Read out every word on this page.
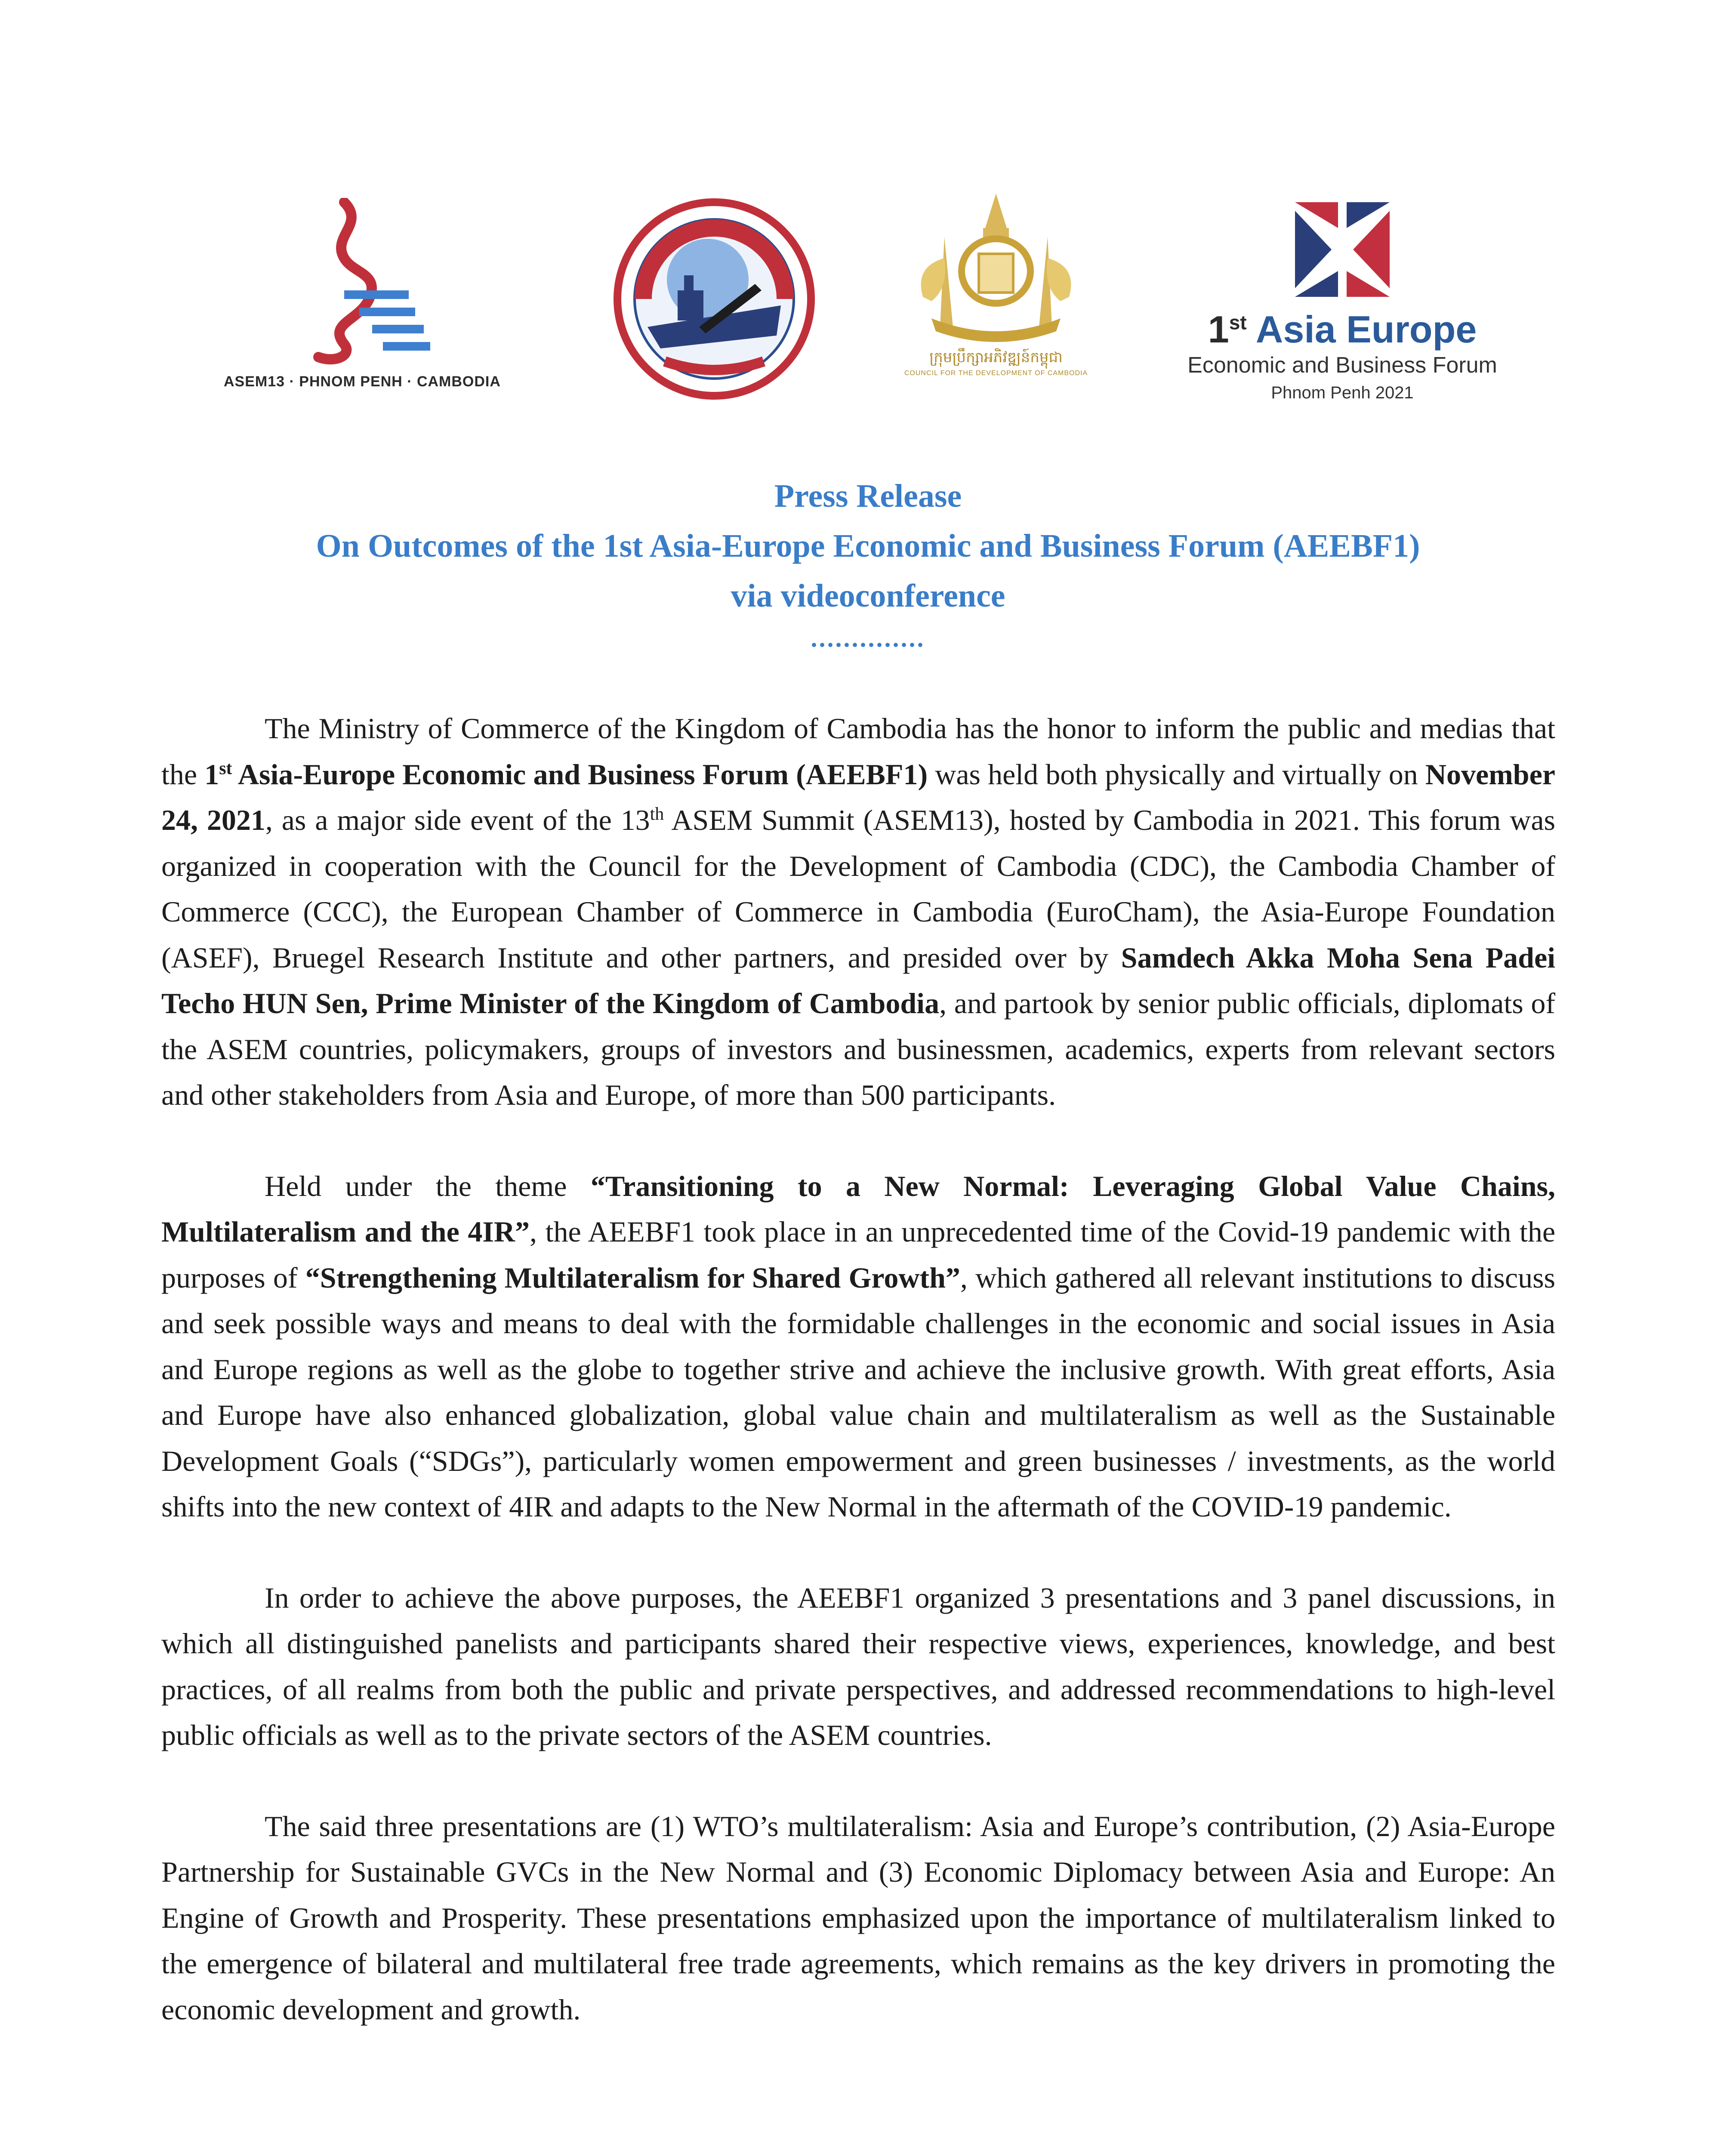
ASEM13 · PHNOM PENH · CAMBODIA
ក្រុមប្រឹក្សាអភិវឌ្ឍន៍កម្ពុជា
COUNCIL FOR THE DEVELOPMENT OF CAMBODIA
1st Asia Europe
Economic and Business Forum
Phnom Penh 2021
Press Release
On Outcomes of the 1st Asia-Europe Economic and Business Forum (AEEBF1)
via videoconference
..............

The Ministry of Commerce of the Kingdom of Cambodia has the honor to inform the public and medias that the 1st Asia-Europe Economic and Business Forum (AEEBF1) was held both physically and virtually on November 24, 2021, as a major side event of the 13th ASEM Summit (ASEM13), hosted by Cambodia in 2021. This forum was organized in cooperation with the Council for the Development of Cambodia (CDC), the Cambodia Chamber of Commerce (CCC), the European Chamber of Commerce in Cambodia (EuroCham), the Asia-Europe Foundation (ASEF), Bruegel Research Institute and other partners, and presided over by Samdech Akka Moha Sena Padei Techo HUN Sen, Prime Minister of the Kingdom of Cambodia, and partook by senior public officials, diplomats of the ASEM countries, policymakers, groups of investors and businessmen, academics, experts from relevant sectors and other stakeholders from Asia and Europe, of more than 500 participants.

Held under the theme “Transitioning to a New Normal: Leveraging Global Value Chains, Multilateralism and the 4IR”, the AEEBF1 took place in an unprecedented time of the Covid-19 pandemic with the purposes of “Strengthening Multilateralism for Shared Growth”, which gathered all relevant institutions to discuss and seek possible ways and means to deal with the formidable challenges in the economic and social issues in Asia and Europe regions as well as the globe to together strive and achieve the inclusive growth. With great efforts, Asia and Europe have also enhanced globalization, global value chain and multilateralism as well as the Sustainable Development Goals (“SDGs”), particularly women empowerment and green businesses / investments, as the world shifts into the new context of 4IR and adapts to the New Normal in the aftermath of the COVID-19 pandemic.

In order to achieve the above purposes, the AEEBF1 organized 3 presentations and 3 panel discussions, in which all distinguished panelists and participants shared their respective views, experiences, knowledge, and best practices, of all realms from both the public and private perspectives, and addressed recommendations to high-level public officials as well as to the private sectors of the ASEM countries.

The said three presentations are (1) WTO’s multilateralism: Asia and Europe’s contribution, (2) Asia-Europe Partnership for Sustainable GVCs in the New Normal and (3) Economic Diplomacy between Asia and Europe: An Engine of Growth and Prosperity. These presentations emphasized upon the importance of multilateralism linked to the emergence of bilateral and multilateral free trade agreements, which remains as the key drivers in promoting the economic development and growth.
